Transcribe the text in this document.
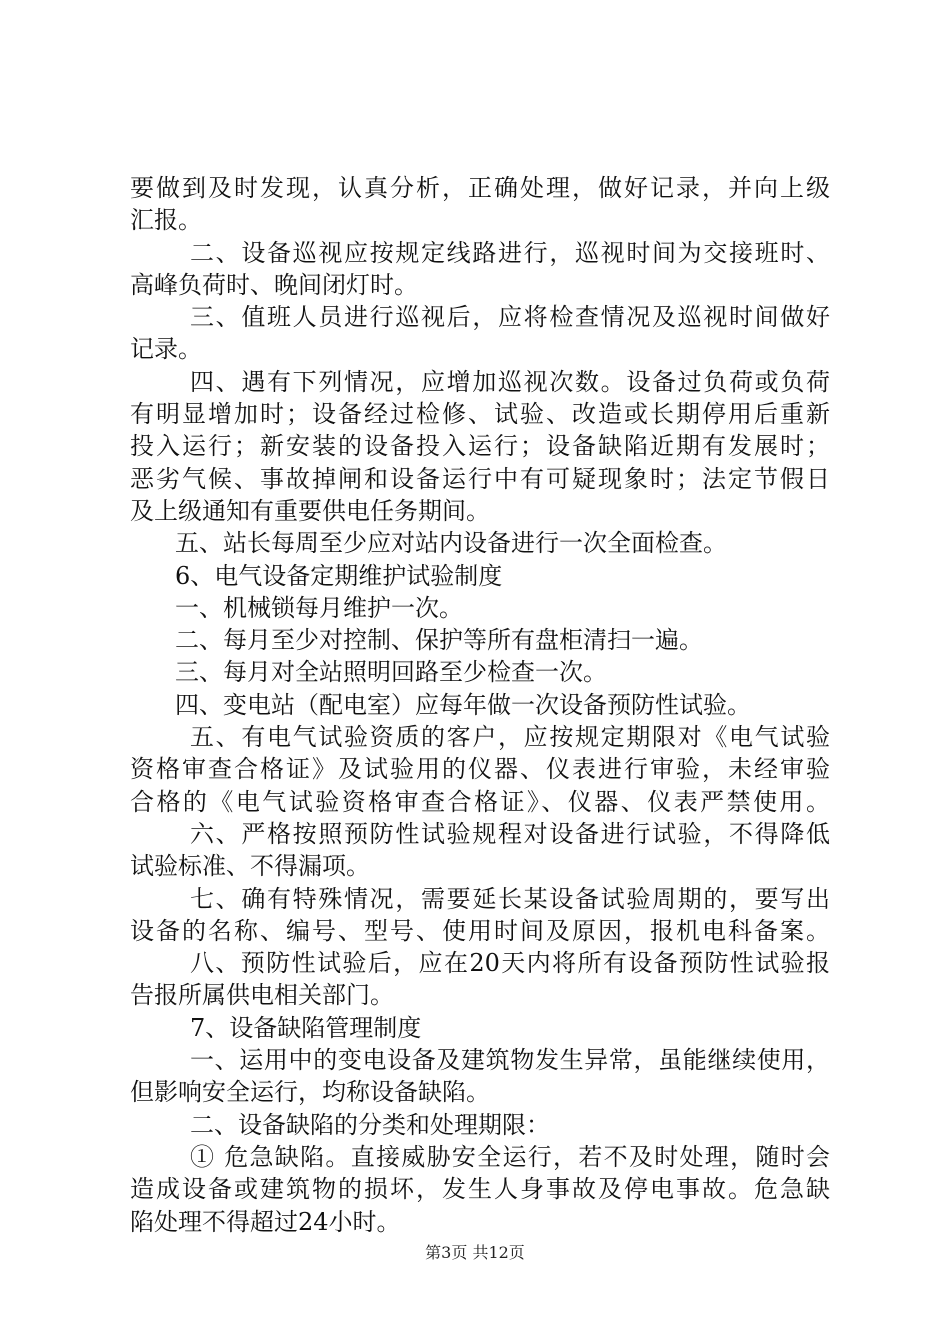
要做到及时发现，认真分析，正确处理，做好记录，并向上级
汇报。
二、设备巡视应按规定线路进行，巡视时间为交接班时、
高峰负荷时、晚间闭灯时。
三、值班人员进行巡视后，应将检查情况及巡视时间做好
记录。
四、遇有下列情况，应增加巡视次数。设备过负荷或负荷
有明显增加时；设备经过检修、试验、改造或长期停用后重新
投入运行；新安装的设备投入运行；设备缺陷近期有发展时；
恶劣气候、事故掉闸和设备运行中有可疑现象时；法定节假日
及上级通知有重要供电任务期间。
五、站长每周至少应对站内设备进行一次全面检查。
6、电气设备定期维护试验制度
一、机械锁每月维护一次。
二、每月至少对控制、保护等所有盘柜清扫一遍。
三、每月对全站照明回路至少检查一次。
四、变电站（配电室）应每年做一次设备预防性试验。
五、有电气试验资质的客户，应按规定期限对《电气试验
资格审查合格证》及试验用的仪器、仪表进行审验，未经审验
合格的《电气试验资格审查合格证》、仪器、仪表严禁使用。
六、严格按照预防性试验规程对设备进行试验，不得降低
试验标准、不得漏项。
七、确有特殊情况，需要延长某设备试验周期的，要写出
设备的名称、编号、型号、使用时间及原因，报机电科备案。
八、预防性试验后，应在20天内将所有设备预防性试验报
告报所属供电相关部门。
7、设备缺陷管理制度
一、运用中的变电设备及建筑物发生异常，虽能继续使用，
但影响安全运行，均称设备缺陷。
二、设备缺陷的分类和处理期限：
① 危急缺陷。直接威胁安全运行，若不及时处理，随时会
造成设备或建筑物的损坏，发生人身事故及停电事故。危急缺
陷处理不得超过24小时。
第3页 共12页
